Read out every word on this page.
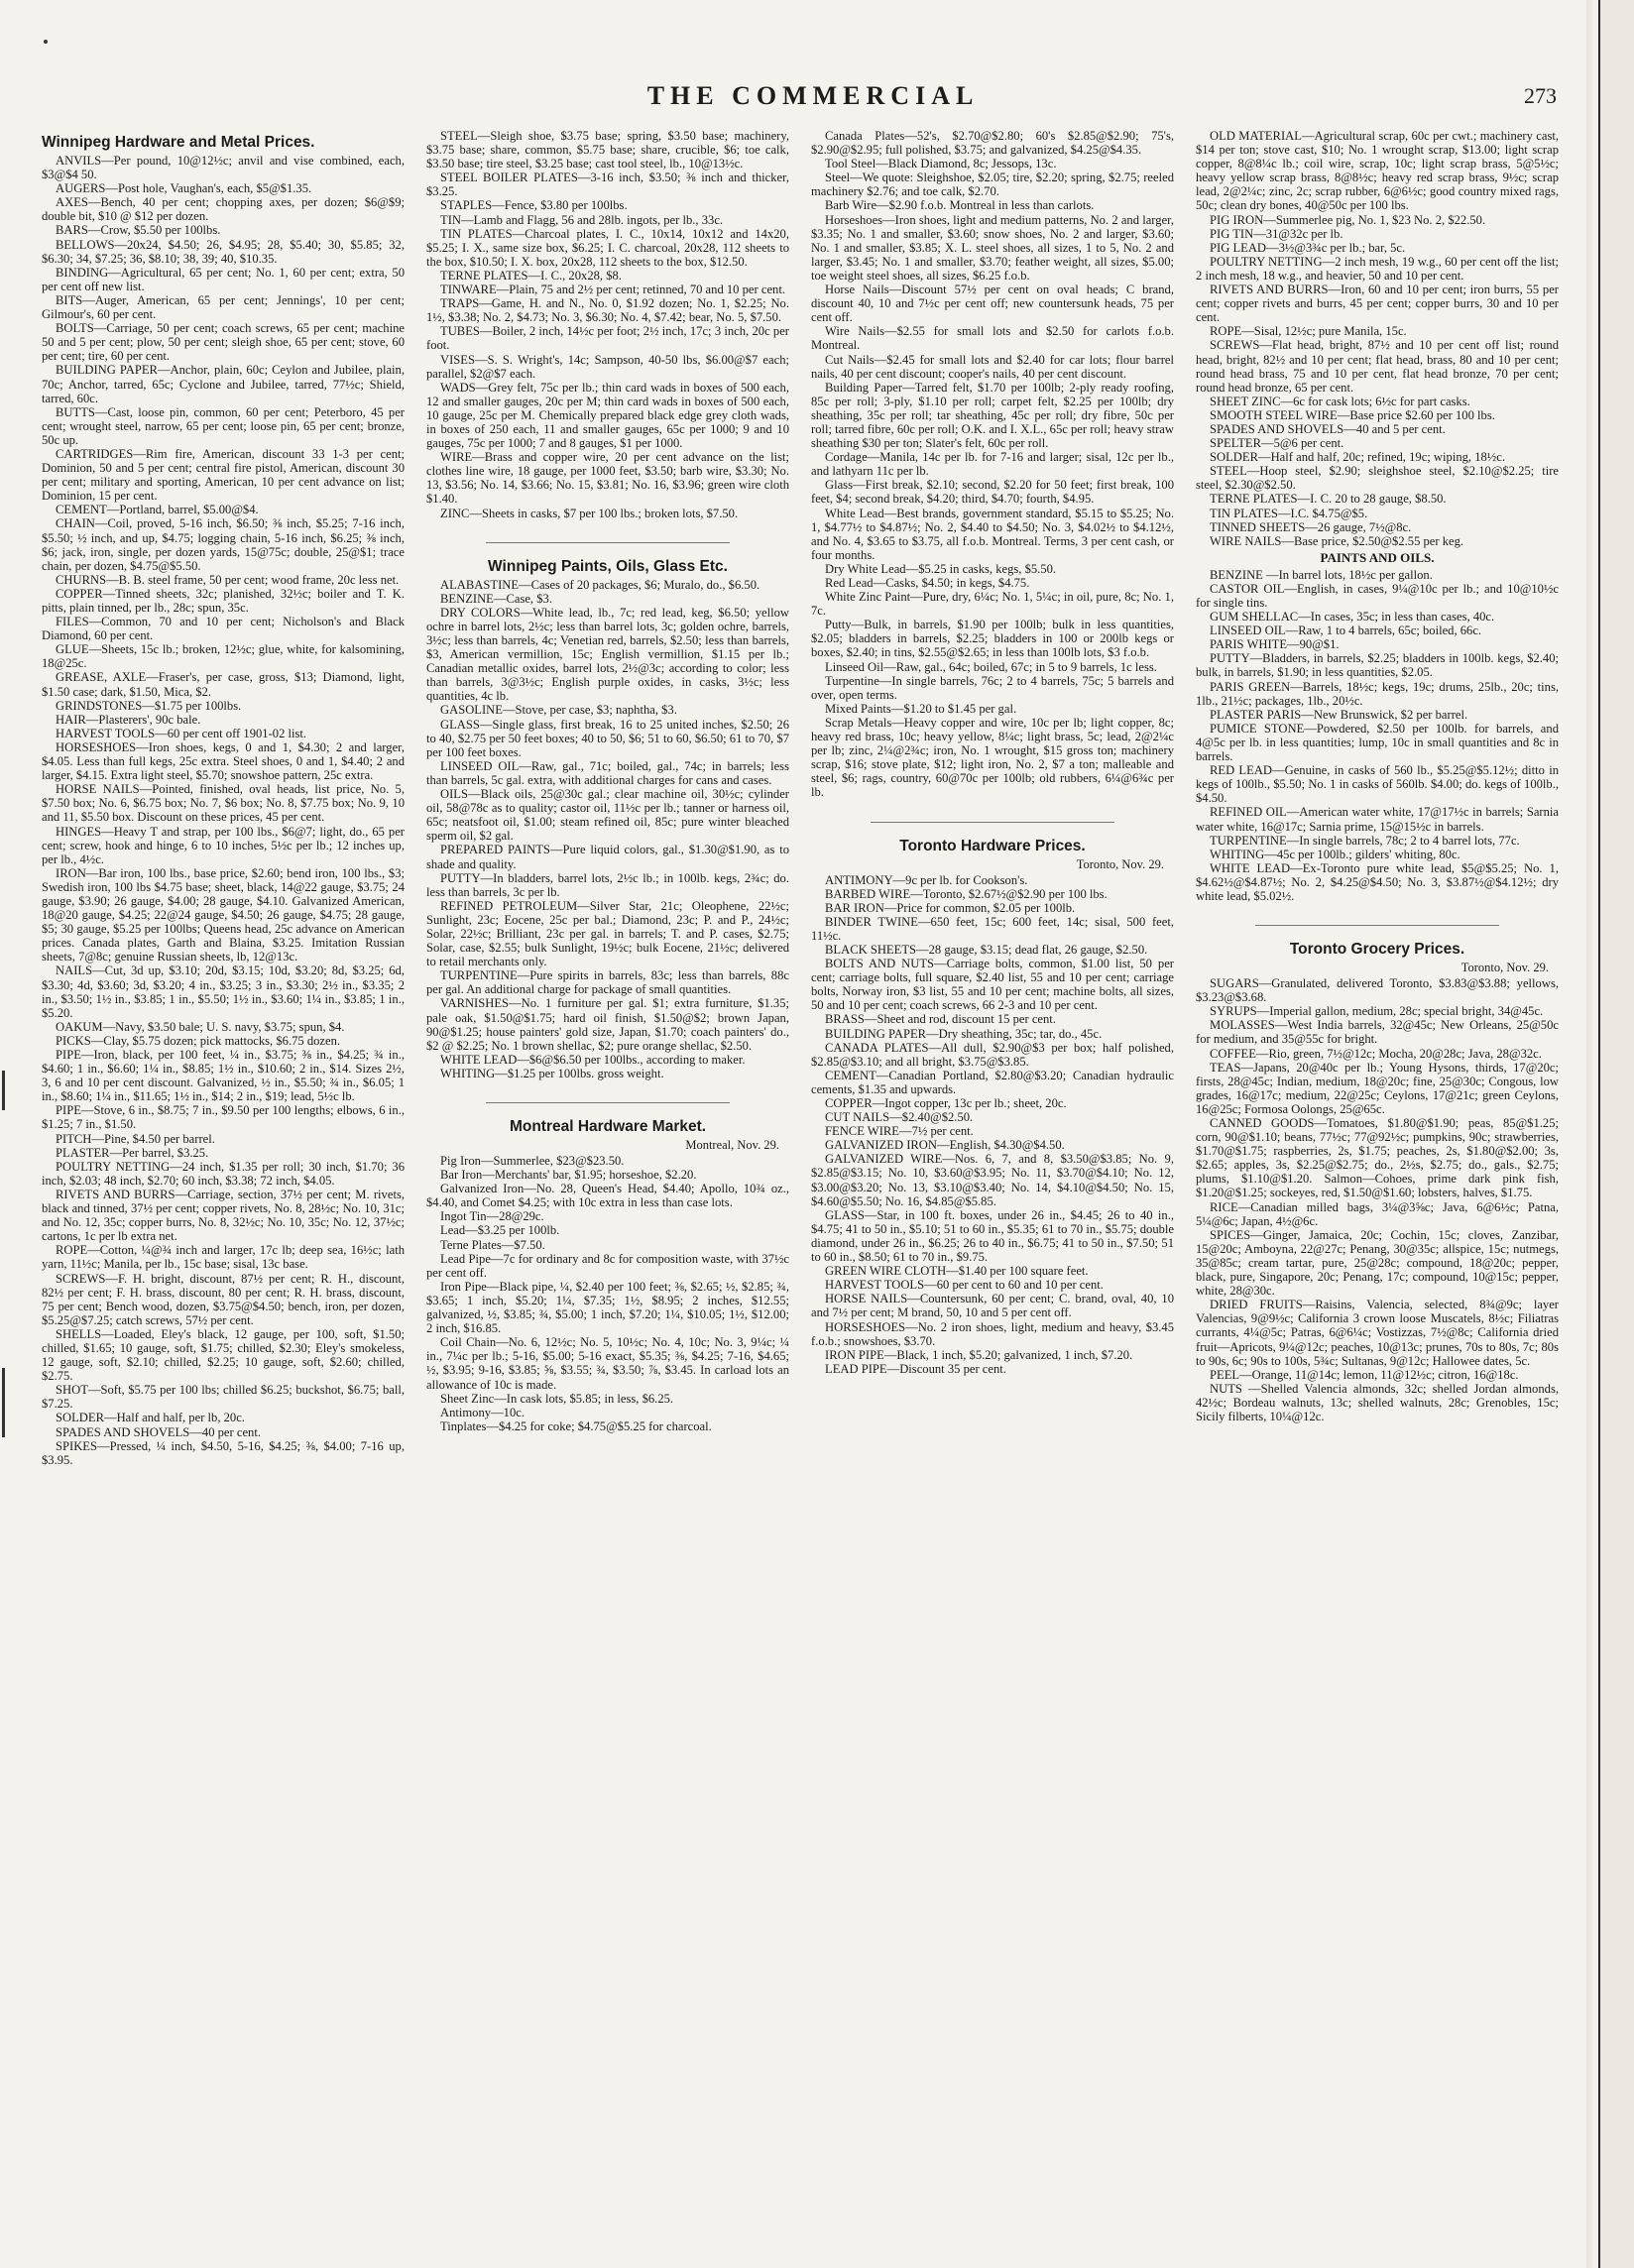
THE COMMERCIAL	273
Winnipeg Hardware and Metal Prices.

ANVILS—Per pound, 10@12½c; anvil and vise combined, each, $3@$4 50.

AUGERS—Post hole, Vaughan's, each, $5@$1.35.

AXES—Bench, 40 per cent; chopping axes, per dozen; $6@$9; double bit, $10 @ $12 per dozen.

BARS—Crow, $5.50 per 100lbs.

BELLOWS—20x24, $4.50; 26, $4.95; 28, $5.40; 30, $5.85; 32, $6.30; 34, $7.25; 36, $8.10; 38, 39; 40, $10.35.

BINDING—Agricultural, 65 per cent; No. 1, 60 per cent; extra, 50 per cent off new list.

BITS—Auger, American, 65 per cent; Jennings', 10 per cent; Gilmour's, 60 per cent.

BOLTS—Carriage, 50 per cent; coach screws, 65 per cent; machine 50 and 5 per cent; plow, 50 per cent; sleigh shoe, 65 per cent; stove, 60 per cent; tire, 60 per cent.

BUILDING PAPER—Anchor, plain, 60c; Ceylon and Jubilee, plain, 70c; Anchor, tarred, 65c; Cyclone and Jubilee, tarred, 77½c; Shield, tarred, 60c.

BUTTS—Cast, loose pin, common, 60 per cent; Peterboro, 45 per cent; wrought steel, narrow, 65 per cent; loose pin, 65 per cent; bronze, 50c up.

CARTRIDGES—Rim fire, American, discount 33 1-3 per cent; Dominion, 50 and 5 per cent; central fire pistol, American, discount 30 per cent; military and sporting, American, 10 per cent advance on list; Dominion, 15 per cent.

CEMENT—Portland, barrel, $5.00@$4.

CHAIN—Coil, proved, 5-16 inch, $6.50; ⅜ inch, $5.25; 7-16 inch, $5.50; ½ inch, and up, $4.75; logging chain, 5-16 inch, $6.25; ⅜ inch, $6; jack, iron, single, per dozen yards, 15@75c; double, 25@$1; trace chain, per dozen, $4.75@$5.50.

CHURNS—B. B. steel frame, 50 per cent; wood frame, 20c less net.

COPPER—Tinned sheets, 32c; planished, 32½c; boiler and T. K. pitts, plain tinned, per lb., 28c; spun, 35c.

FILES—Common, 70 and 10 per cent; Nicholson's and Black Diamond, 60 per cent.

GLUE—Sheets, 15c lb.; broken, 12½c; glue, white, for kalsomining, 18@25c.

GREASE, AXLE—Fraser's, per case, gross, $13; Diamond, light, $1.50 case; dark, $1.50, Mica, $2.

GRINDSTONES—$1.75 per 100lbs.

HAIR—Plasterers', 90c bale.

HARVEST TOOLS—60 per cent off 1901-02 list.

HORSESHOES—Iron shoes, kegs, 0 and 1, $4.30; 2 and larger, $4.05. Less than full kegs, 25c extra. Steel shoes, 0 and 1, $4.40; 2 and larger, $4.15. Extra light steel, $5.70; snowshoe pattern, 25c extra.

HORSE NAILS—Pointed, finished, oval heads, list price, No. 5, $7.50 box; No. 6, $6.75 box; No. 7, $6 box; No. 8, $7.75 box; No. 9, 10 and 11, $5.50 box. Discount on these prices, 45 per cent.

HINGES—Heavy T and strap, per 100 lbs., $6@7; light, do., 65 per cent; screw, hook and hinge, 6 to 10 inches, 5½c per lb.; 12 inches up, per lb., 4½c.

IRON—Bar iron, 100 lbs., base price, $2.60; bend iron, 100 lbs., $3; Swedish iron, 100 lbs $4.75 base; sheet, black, 14@22 gauge, $3.75; 24 gauge, $3.90; 26 gauge, $4.00; 28 gauge, $4.10. Galvanized American, 18@20 gauge, $4.25; 22@24 gauge, $4.50; 26 gauge, $4.75; 28 gauge, $5; 30 gauge, $5.25 per 100lbs; Queens head, 25c advance on American prices. Canada plates, Garth and Blaina, $3.25. Imitation Russian sheets, 7@8c; genuine Russian sheets, lb, 12@13c.

NAILS—Cut, 3d up, $3.10; 20d, $3.15; 10d, $3.20; 8d, $3.25; 6d, $3.30; 4d, $3.60; 3d, $3.20; 4 in., $3.25; 3 in., $3.30; 2½ in., $3.35; 2 in., $3.50; 1½ in., $3.85; 1 in., $5.50; 1½ in., $3.60; 1¼ in., $3.85; 1 in., $5.20.

OAKUM—Navy, $3.50 bale; U. S. navy, $3.75; spun, $4.

PICKS—Clay, $5.75 dozen; pick mattocks, $6.75 dozen.

PIPE—Iron, black, per 100 feet, ¼ in., $3.75; ⅜ in., $4.25; ¾ in., $4.60; 1 in., $6.60; 1¼ in., $8.85; 1½ in., $10.60; 2 in., $14. Sizes 2½, 3, 6 and 10 per cent discount. Galvanized, ½ in., $5.50; ¾ in., $6.05; 1 in., $8.60; 1¼ in., $11.65; 1½ in., $14; 2 in., $19; lead, 5½c lb.

PIPE—Stove, 6 in., $8.75; 7 in., $9.50 per 100 lengths; elbows, 6 in., $1.25; 7 in., $1.50.

PITCH—Pine, $4.50 per barrel.

PLASTER—Per barrel, $3.25.

POULTRY NETTING—24 inch, $1.35 per roll; 30 inch, $1.70; 36 inch, $2.03; 48 inch, $2.70; 60 inch, $3.38; 72 inch, $4.05.

RIVETS AND BURRS—Carriage, section, 37½ per cent; M. rivets, black and tinned, 37½ per cent; copper rivets, No. 8, 28½c; No. 10, 31c; and No. 12, 35c; copper burrs, No. 8, 32½c; No. 10, 35c; No. 12, 37½c; cartons, 1c per lb extra net.

ROPE—Cotton, ¼@¾ inch and larger, 17c lb; deep sea, 16½c; lath yarn, 11½c; Manila, per lb., 15c base; sisal, 13c base.

SCREWS—F. H. bright, discount, 87½ per cent; R. H., discount, 82½ per cent; F. H. brass, discount, 80 per cent; R. H. brass, discount, 75 per cent; Bench wood, dozen, $3.75@$4.50; bench, iron, per dozen, $5.25@$7.25; catch screws, 57½ per cent.

SHELLS—Loaded, Eley's black, 12 gauge, per 100, soft, $1.50; chilled, $1.65; 10 gauge, soft, $1.75; chilled, $2.30; Eley's smokeless, 12 gauge, soft, $2.10; chilled, $2.25; 10 gauge, soft, $2.60; chilled, $2.75.

SHOT—Soft, $5.75 per 100 lbs; chilled $6.25; buckshot, $6.75; ball, $7.25.

SOLDER—Half and half, per lb, 20c.

SPADES AND SHOVELS—40 per cent.

SPIKES—Pressed, ¼ inch, $4.50, 5-16, $4.25; ⅜, $4.00; 7-16 up, $3.95.

STEEL—Sleigh shoe, $3.75 base; spring, $3.50 base; machinery, $3.75 base; share, common, $5.75 base; share, crucible, $6; toe calk, $3.50 base; tire steel, $3.25 base; cast tool steel, lb., 10@13½c.

STEEL BOILER PLATES—3-16 inch, $3.50; ⅜ inch and thicker, $3.25.

STAPLES—Fence, $3.80 per 100lbs.

TIN—Lamb and Flagg, 56 and 28lb. ingots, per lb., 33c.

TIN PLATES—Charcoal plates, I. C., 10x14, 10x12 and 14x20, $5.25; I. X., same size box, $6.25; I. C. charcoal, 20x28, 112 sheets to the box, $10.50; I. X. box, 20x28, 112 sheets to the box, $12.50.

TERNE PLATES—I. C., 20x28, $8.

TINWARE—Plain, 75 and 2½ per cent; retinned, 70 and 10 per cent.

TRAPS—Game, H. and N., No. 0, $1.92 dozen; No. 1, $2.25; No. 1½, $3.38; No. 2, $4.73; No. 3, $6.30; No. 4, $7.42; bear, No. 5, $7.50.

TUBES—Boiler, 2 inch, 14½c per foot; 2½ inch, 17c; 3 inch, 20c per foot.

VISES—S. S. Wright's, 14c; Sampson, 40-50 lbs, $6.00@$7 each; parallel, $2@$7 each.

WADS—Grey felt, 75c per lb.; thin card wads in boxes of 500 each, 12 and smaller gauges, 20c per M; thin card wads in boxes of 500 each, 10 gauge, 25c per M. Chemically prepared black edge grey cloth wads, in boxes of 250 each, 11 and smaller gauges, 65c per 1000; 9 and 10 gauges, 75c per 1000; 7 and 8 gauges, $1 per 1000.

WIRE—Brass and copper wire, 20 per cent advance on the list; clothes line wire, 18 gauge, per 1000 feet, $3.50; barb wire, $3.30; No. 13, $3.56; No. 14, $3.66; No. 15, $3.81; No. 16, $3.96; green wire cloth $1.40.

ZINC—Sheets in casks, $7 per 100 lbs.; broken lots, $7.50.

Winnipeg Paints, Oils, Glass Etc.

ALABASTINE—Cases of 20 packages, $6; Muralo, do., $6.50.

BENZINE—Case, $3.

DRY COLORS—White lead, lb., 7c; red lead, keg, $6.50; yellow ochre in barrel lots, 2½c; less than barrel lots, 3c; golden ochre, barrels, 3½c; less than barrels, 4c; Venetian red, barrels, $2.50; less than barrels, $3, American vermillion, 15c; English vermillion, $1.15 per lb.; Canadian metallic oxides, barrel lots, 2½@3c; according to color; less than barrels, 3@3½c; English purple oxides, in casks, 3½c; less quantities, 4c lb.

GASOLINE—Stove, per case, $3; naphtha, $3.

GLASS—Single glass, first break, 16 to 25 united inches, $2.50; 26 to 40, $2.75 per 50 feet boxes; 40 to 50, $6; 51 to 60, $6.50; 61 to 70, $7 per 100 feet boxes.

LINSEED OIL—Raw, gal., 71c; boiled, gal., 74c; in barrels; less than barrels, 5c gal. extra, with additional charges for cans and cases.

OILS—Black oils, 25@30c gal.; clear machine oil, 30½c; cylinder oil, 58@78c as to quality; castor oil, 11½c per lb.; tanner or harness oil, 65c; neatsfoot oil, $1.00; steam refined oil, 85c; pure winter bleached sperm oil, $2 gal.

PREPARED PAINTS—Pure liquid colors, gal., $1.30@$1.90, as to shade and quality.

PUTTY—In bladders, barrel lots, 2½c lb.; in 100lb. kegs, 2¾c; do. less than barrels, 3c per lb.

REFINED PETROLEUM—Silver Star, 21c; Oleophene, 22½c; Sunlight, 23c; Eocene, 25c per bal.; Diamond, 23c; P. and P., 24½c; Solar, 22½c; Brilliant, 23c per gal. in barrels; T. and P. cases, $2.75; Solar, case, $2.55; bulk Sunlight, 19½c; bulk Eocene, 21½c; delivered to retail merchants only.

TURPENTINE—Pure spirits in barrels, 83c; less than barrels, 88c per gal. An additional charge for package of small quantities.

VARNISHES—No. 1 furniture per gal. $1; extra furniture, $1.35; pale oak, $1.50@$1.75; hard oil finish, $1.50@$2; brown Japan, 90@$1.25; house painters' gold size, Japan, $1.70; coach painters' do., $2 @ $2.25; No. 1 brown shellac, $2; pure orange shellac, $2.50.

WHITE LEAD—$6@$6.50 per 100lbs., according to maker.

WHITING—$1.25 per 100lbs. gross weight.

Montreal Hardware Market.
Montreal, Nov. 29.

Pig Iron—Summerlee, $23@$23.50.

Bar Iron—Merchants' bar, $1.95; horseshoe, $2.20.

Galvanized Iron—No. 28, Queen's Head, $4.40; Apollo, 10¾ oz., $4.40, and Comet $4.25; with 10c extra in less than case lots.

Ingot Tin—28@29c.

Lead—$3.25 per 100lb.

Terne Plates—$7.50.

Lead Pipe—7c for ordinary and 8c for composition waste, with 37½c per cent off.

Iron Pipe—Black pipe, ¼, $2.40 per 100 feet; ⅜, $2.65; ½, $2.85; ¾, $3.65; 1 inch, $5.20; 1¼, $7.35; 1½, $8.95; 2 inches, $12.55; galvanized, ½, $3.85; ¾, $5.00; 1 inch, $7.20; 1¼, $10.05; 1½, $12.00; 2 inch, $16.85.

Coil Chain—No. 6, 12½c; No. 5, 10½c; No. 4, 10c; No. 3, 9¼c; ¼ in., 7¼c per lb.; 5-16, $5.00; 5-16 exact, $5.35; ⅜, $4.25; 7-16, $4.65; ½, $3.95; 9-16, $3.85; ⅝, $3.55; ¾, $3.50; ⅞, $3.45. In carload lots an allowance of 10c is made.

Sheet Zinc—In cask lots, $5.85; in less, $6.25.

Antimony—10c.

Tinplates—$4.25 for coke; $4.75@$5.25 for charcoal.

Canada Plates—52's, $2.70@$2.80; 60's $2.85@$2.90; 75's, $2.90@$2.95; full polished, $3.75; and galvanized, $4.25@$4.35.

Tool Steel—Black Diamond, 8c; Jessops, 13c.

Steel—We quote: Sleighshoe, $2.05; tire, $2.20; spring, $2.75; reeled machinery $2.76; and toe calk, $2.70.

Barb Wire—$2.90 f.o.b. Montreal in less than carlots.

Horseshoes—Iron shoes, light and medium patterns, No. 2 and larger, $3.35; No. 1 and smaller, $3.60; snow shoes, No. 2 and larger, $3.60; No. 1 and smaller, $3.85; X. L. steel shoes, all sizes, 1 to 5, No. 2 and larger, $3.45; No. 1 and smaller, $3.70; feather weight, all sizes, $5.00; toe weight steel shoes, all sizes, $6.25 f.o.b.

Horse Nails—Discount 57½ per cent on oval heads; C brand, discount 40, 10 and 7½c per cent off; new countersunk heads, 75 per cent off.

Wire Nails—$2.55 for small lots and $2.50 for carlots f.o.b. Montreal.

Cut Nails—$2.45 for small lots and $2.40 for car lots; flour barrel nails, 40 per cent discount; cooper's nails, 40 per cent discount.

Building Paper—Tarred felt, $1.70 per 100lb; 2-ply ready roofing, 85c per roll; 3-ply, $1.10 per roll; carpet felt, $2.25 per 100lb; dry sheathing, 35c per roll; tar sheathing, 45c per roll; dry fibre, 50c per roll; tarred fibre, 60c per roll; O.K. and I. X.L., 65c per roll; heavy straw sheathing $30 per ton; Slater's felt, 60c per roll.

Cordage—Manila, 14c per lb. for 7-16 and larger; sisal, 12c per lb., and lathyarn 11c per lb.

Glass—First break, $2.10; second, $2.20 for 50 feet; first break, 100 feet, $4; second break, $4.20; third, $4.70; fourth, $4.95.

White Lead—Best brands, government standard, $5.15 to $5.25; No. 1, $4.77½ to $4.87½; No. 2, $4.40 to $4.50; No. 3, $4.02½ to $4.12½, and No. 4, $3.65 to $3.75, all f.o.b. Montreal. Terms, 3 per cent cash, or four months.

Dry White Lead—$5.25 in casks, kegs, $5.50.

Red Lead—Casks, $4.50; in kegs, $4.75.

White Zinc Paint—Pure, dry, 6¼c; No. 1, 5¼c; in oil, pure, 8c; No. 1, 7c.

Putty—Bulk, in barrels, $1.90 per 100lb; bulk in less quantities, $2.05; bladders in barrels, $2.25; bladders in 100 or 200lb kegs or boxes, $2.40; in tins, $2.55@$2.65; in less than 100lb lots, $3 f.o.b.

Linseed Oil—Raw, gal., 64c; boiled, 67c; in 5 to 9 barrels, 1c less.

Turpentine—In single barrels, 76c; 2 to 4 barrels, 75c; 5 barrels and over, open terms.

Mixed Paints—$1.20 to $1.45 per gal.

Scrap Metals—Heavy copper and wire, 10c per lb; light copper, 8c; heavy red brass, 10c; heavy yellow, 8¼c; light brass, 5c; lead, 2@2¼c per lb; zinc, 2¼@2¾c; iron, No. 1 wrought, $15 gross ton; machinery scrap, $16; stove plate, $12; light iron, No. 2, $7 a ton; malleable and steel, $6; rags, country, 60@70c per 100lb; old rubbers, 6¼@6¾c per lb.

Toronto Hardware Prices.
Toronto, Nov. 29.

ANTIMONY—9c per lb. for Cookson's.

BARBED WIRE—Toronto, $2.67½@$2.90 per 100 lbs.

BAR IRON—Price for common, $2.05 per 100lb.

BINDER TWINE—650 feet, 15c; 600 feet, 14c; sisal, 500 feet, 11½c.

BLACK SHEETS—28 gauge, $3.15; dead flat, 26 gauge, $2.50.

BOLTS AND NUTS—Carriage bolts, common, $1.00 list, 50 per cent; carriage bolts, full square, $2.40 list, 55 and 10 per cent; carriage bolts, Norway iron, $3 list, 55 and 10 per cent; machine bolts, all sizes, 50 and 10 per cent; coach screws, 66 2-3 and 10 per cent.

BRASS—Sheet and rod, discount 15 per cent.

BUILDING PAPER—Dry sheathing, 35c; tar, do., 45c.

CANADA PLATES—All dull, $2.90@$3 per box; half polished, $2.85@$3.10; and all bright, $3.75@$3.85.

CEMENT—Canadian Portland, $2.80@$3.20; Canadian hydraulic cements, $1.35 and upwards.

COPPER—Ingot copper, 13c per lb.; sheet, 20c.

CUT NAILS—$2.40@$2.50.

FENCE WIRE—7½ per cent.

GALVANIZED IRON—English, $4.30@$4.50.

GALVANIZED WIRE—Nos. 6, 7, and 8, $3.50@$3.85; No. 9, $2.85@$3.15; No. 10, $3.60@$3.95; No. 11, $3.70@$4.10; No. 12, $3.00@$3.20; No. 13, $3.10@$3.40; No. 14, $4.10@$4.50; No. 15, $4.60@$5.50; No. 16, $4.85@$5.85.

GLASS—Star, in 100 ft. boxes, under 26 in., $4.45; 26 to 40 in., $4.75; 41 to 50 in., $5.10; 51 to 60 in., $5.35; 61 to 70 in., $5.75; double diamond, under 26 in., $6.25; 26 to 40 in., $6.75; 41 to 50 in., $7.50; 51 to 60 in., $8.50; 61 to 70 in., $9.75.

GREEN WIRE CLOTH—$1.40 per 100 square feet.

HARVEST TOOLS—60 per cent to 60 and 10 per cent.

HORSE NAILS—Countersunk, 60 per cent; C. brand, oval, 40, 10 and 7½ per cent; M brand, 50, 10 and 5 per cent off.

HORSESHOES—No. 2 iron shoes, light, medium and heavy, $3.45 f.o.b.; snowshoes, $3.70.

IRON PIPE—Black, 1 inch, $5.20; galvanized, 1 inch, $7.20.

LEAD PIPE—Discount 35 per cent.

OLD MATERIAL—Agricultural scrap, 60c per cwt.; machinery cast, $14 per ton; stove cast, $10; No. 1 wrought scrap, $13.00; light scrap copper, 8@8¼c lb.; coil wire, scrap, 10c; light scrap brass, 5@5½c; heavy yellow scrap brass, 8@8½c; heavy red scrap brass, 9½c; scrap lead, 2@2¼c; zinc, 2c; scrap rubber, 6@6½c; good country mixed rags, 50c; clean dry bones, 40@50c per 100 lbs.

PIG IRON—Summerlee pig, No. 1, $23 No. 2, $22.50.

PIG TIN—31@32c per lb.

PIG LEAD—3½@3¾c per lb.; bar, 5c.

POULTRY NETTING—2 inch mesh, 19 w.g., 60 per cent off the list; 2 inch mesh, 18 w.g., and heavier, 50 and 10 per cent.

RIVETS AND BURRS—Iron, 60 and 10 per cent; iron burrs, 55 per cent; copper rivets and burrs, 45 per cent; copper burrs, 30 and 10 per cent.

ROPE—Sisal, 12½c; pure Manila, 15c.

SCREWS—Flat head, bright, 87½ and 10 per cent off list; round head, bright, 82½ and 10 per cent; flat head, brass, 80 and 10 per cent; round head brass, 75 and 10 per cent, flat head bronze, 70 per cent; round head bronze, 65 per cent.

SHEET ZINC—6c for cask lots; 6½c for part casks.

SMOOTH STEEL WIRE—Base price $2.60 per 100 lbs.

SPADES AND SHOVELS—40 and 5 per cent.

SPELTER—5@6 per cent.

SOLDER—Half and half, 20c; refined, 19c; wiping, 18½c.

STEEL—Hoop steel, $2.90; sleighshoe steel, $2.10@$2.25; tire steel, $2.30@$2.50.

TERNE PLATES—I. C. 20 to 28 gauge, $8.50.

TIN PLATES—I.C. $4.75@$5.

TINNED SHEETS—26 gauge, 7½@8c.

WIRE NAILS—Base price, $2.50@$2.55 per keg.

PAINTS AND OILS.

BENZINE —In barrel lots, 18½c per gallon.

CASTOR OIL—English, in cases, 9¼@10c per lb.; and 10@10½c for single tins.

GUM SHELLAC—In cases, 35c; in less than cases, 40c.

LINSEED OIL—Raw, 1 to 4 barrels, 65c; boiled, 66c.

PARIS WHITE—90@$1.

PUTTY—Bladders, in barrels, $2.25; bladders in 100lb. kegs, $2.40; bulk, in barrels, $1.90; in less quantities, $2.05.

PARIS GREEN—Barrels, 18½c; kegs, 19c; drums, 25lb., 20c; tins, 1lb., 21½c; packages, 1lb., 20½c.

PLASTER PARIS—New Brunswick, $2 per barrel.

PUMICE STONE—Powdered, $2.50 per 100lb. for barrels, and 4@5c per lb. in less quantities; lump, 10c in small quantities and 8c in barrels.

RED LEAD—Genuine, in casks of 560 lb., $5.25@$5.12½; ditto in kegs of 100lb., $5.50; No. 1 in casks of 560lb. $4.00; do. kegs of 100lb., $4.50.

REFINED OIL—American water white, 17@17½c in barrels; Sarnia water white, 16@17c; Sarnia prime, 15@15½c in barrels.

TURPENTINE—In single barrels, 78c; 2 to 4 barrel lots, 77c.

WHITING—45c per 100lb.; gilders' whiting, 80c.

WHITE LEAD—Ex-Toronto pure white lead, $5@$5.25; No. 1, $4.62½@$4.87½; No. 2, $4.25@$4.50; No. 3, $3.87½@$4.12½; dry white lead, $5.02½.

Toronto Grocery Prices.
Toronto, Nov. 29.

SUGARS—Granulated, delivered Toronto, $3.83@$3.88; yellows, $3.23@$3.68.

SYRUPS—Imperial gallon, medium, 28c; special bright, 34@45c.

MOLASSES—West India barrels, 32@45c; New Orleans, 25@50c for medium, and 35@55c for bright.

COFFEE—Rio, green, 7½@12c; Mocha, 20@28c; Java, 28@32c.

TEAS—Japans, 20@40c per lb.; Young Hysons, thirds, 17@20c; firsts, 28@45c; Indian, medium, 18@20c; fine, 25@30c; Congous, low grades, 16@17c; medium, 22@25c; Ceylons, 17@21c; green Ceylons, 16@25c; Formosa Oolongs, 25@65c.

CANNED GOODS—Tomatoes, $1.80@$1.90; peas, 85@$1.25; corn, 90@$1.10; beans, 77½c; 77@92½c; pumpkins, 90c; strawberries, $1.70@$1.75; raspberries, 2s, $1.75; peaches, 2s, $1.80@$2.00; 3s, $2.65; apples, 3s, $2.25@$2.75; do., 2½s, $2.75; do., gals., $2.75; plums, $1.10@$1.20. Salmon—Cohoes, prime dark pink fish, $1.20@$1.25; sockeyes, red, $1.50@$1.60; lobsters, halves, $1.75.

RICE—Canadian milled bags, 3¼@3⅝c; Java, 6@6½c; Patna, 5¼@6c; Japan, 4½@6c.

SPICES—Ginger, Jamaica, 20c; Cochin, 15c; cloves, Zanzibar, 15@20c; Amboyna, 22@27c; Penang, 30@35c; allspice, 15c; nutmegs, 35@85c; cream tartar, pure, 25@28c; compound, 18@20c; pepper, black, pure, Singapore, 20c; Penang, 17c; compound, 10@15c; pepper, white, 28@30c.

DRIED FRUITS—Raisins, Valencia, selected, 8¾@9c; layer Valencias, 9@9½c; California 3 crown loose Muscatels, 8½c; Filiatras currants, 4¼@5c; Patras, 6@6¼c; Vostizzas, 7½@8c; California dried fruit—Apricots, 9¼@12c; peaches, 10@13c; prunes, 70s to 80s, 7c; 80s to 90s, 6c; 90s to 100s, 5¾c; Sultanas, 9@12c; Hallowee dates, 5c.

PEEL—Orange, 11@14c; lemon, 11@12½c; citron, 16@18c.

NUTS —Shelled Valencia almonds, 32c; shelled Jordan almonds, 42½c; Bordeau walnuts, 13c; shelled walnuts, 28c; Grenobles, 15c; Sicily filberts, 10¼@12c.
